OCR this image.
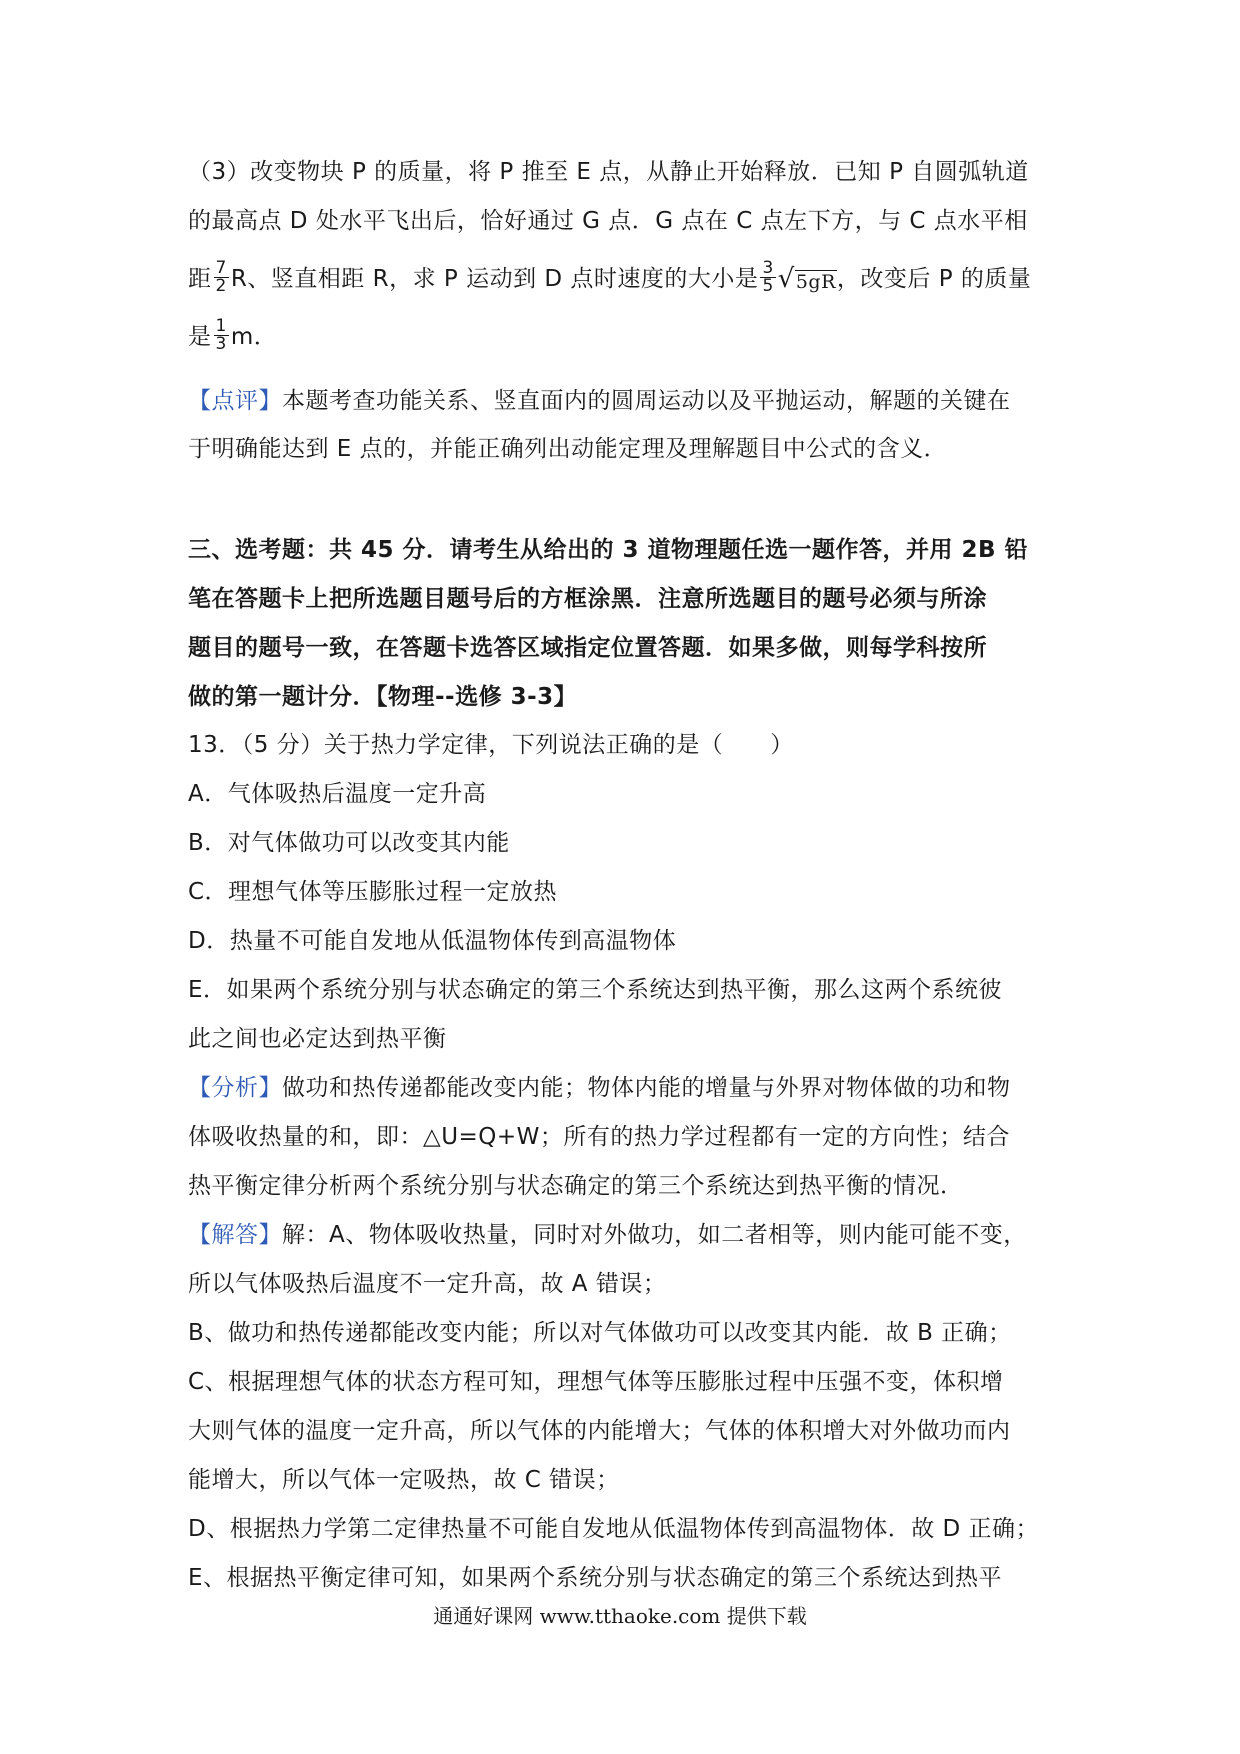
（3）改变物块 P 的质量，将 P 推至 E 点，从静止开始释放．已知 P 自圆弧轨道
的最高点 D 处水平飞出后，恰好通过 G 点．G 点在 C 点左下方，与 C 点水平相
距 $\frac{7}{2}$ R、竖直相距 R，求 P 运动到 D 点时速度的大小是 $\frac{3}{5} √5gR$，改变后 P 的质量
是 $\frac{1}{3}$ m．
【点评】本题考查功能关系、竖直面内的圆周运动以及平抛运动，解题的关键在
于明确能达到 E 点的，并能正确列出动能定理及理解题目中公式的含义．
三、选考题：共 45 分．请考生从给出的 3 道物理题任选一题作答，并用 2B 铅
笔在答题卡上把所选题目题号后的方框涂黑．注意所选题目的题号必须与所涂
题目的题号一致，在答题卡选答区域指定位置答题．如果多做，则每学科按所
做的第一题计分．【物理--选修 3-3】
13．（5 分）关于热力学定律，下列说法正确的是（　　）
A．气体吸热后温度一定升高
B．对气体做功可以改变其内能
C．理想气体等压膨胀过程一定放热
D．热量不可能自发地从低温物体传到高温物体
E．如果两个系统分别与状态确定的第三个系统达到热平衡，那么这两个系统彼
此之间也必定达到热平衡
【分析】做功和热传递都能改变内能；物体内能的增量与外界对物体做的功和物
体吸收热量的和，即：△U=Q+W；所有的热力学过程都有一定的方向性；结合
热平衡定律分析两个系统分别与状态确定的第三个系统达到热平衡的情况．
【解答】解：A、物体吸收热量，同时对外做功，如二者相等，则内能可能不变，
所以气体吸热后温度不一定升高，故 A 错误；
B、做功和热传递都能改变内能；所以对气体做功可以改变其内能．故 B 正确；
C、根据理想气体的状态方程可知，理想气体等压膨胀过程中压强不变，体积增
大则气体的温度一定升高，所以气体的内能增大；气体的体积增大对外做功而内
能增大，所以气体一定吸热，故 C 错误；
D、根据热力学第二定律热量不可能自发地从低温物体传到高温物体．故 D 正确；
E、根据热平衡定律可知，如果两个系统分别与状态确定的第三个系统达到热平
通通好课网 www.tthaoke.com 提供下载
